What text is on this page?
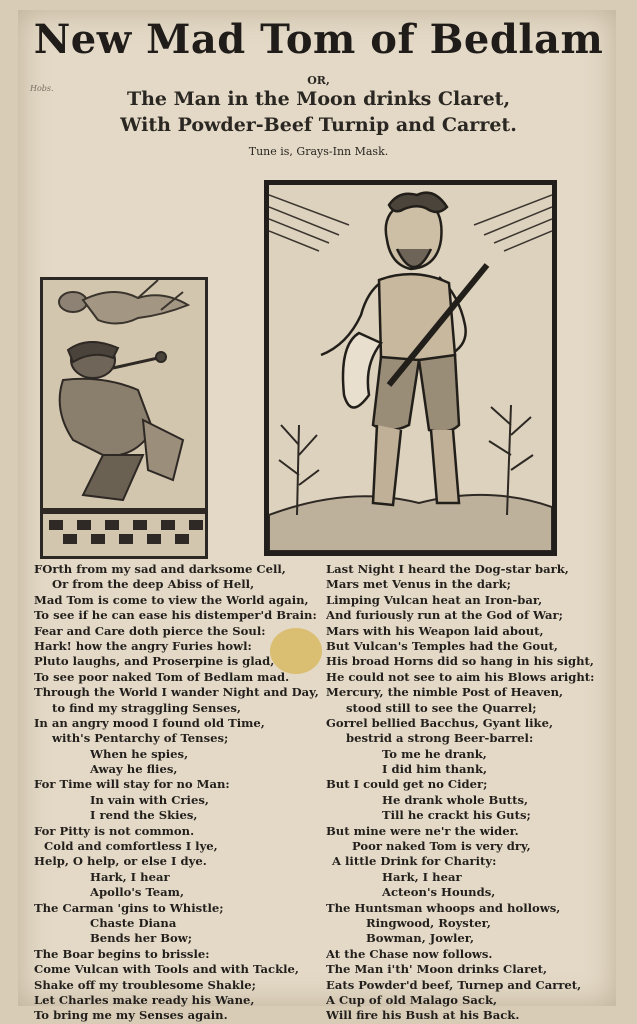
Hobs.
New Mad Tom of Bedlam
OR,
The Man in the Moon drinks Claret,
With Powder-Beef Turnip and Carret.
Tune is, Grays-Inn Mask.
FOrth from my sad and darksome Cell,
Or from the deep Abiss of Hell,
Mad Tom is come to view the World again,
To see if he can ease his distemper'd Brain:
Fear and Care doth pierce the Soul:
Hark! how the angry Furies howl:
Pluto laughs, and Proserpine is glad,
To see poor naked Tom of Bedlam mad.
Through the World I wander Night and Day,
to find my straggling Senses,
In an angry mood I found old Time,
with's Pentarchy of Tenses;
When he spies,
Away he flies,
For Time will stay for no Man:
In vain with Cries,
I rend the Skies,
For Pitty is not common.
Cold and comfortless I lye,
Help, O help, or else I dye.
Hark, I hear
Apollo's Team,
The Carman 'gins to Whistle;
Chaste Diana
Bends her Bow;
The Boar begins to brissle:
Come Vulcan with Tools and with Tackle,
Shake off my troublesome Shakle;
Let Charles make ready his Wane,
To bring me my Senses again.
Last Night I heard the Dog-star bark,
Mars met Venus in the dark;
Limping Vulcan heat an Iron-bar,
And furiously run at the God of War;
Mars with his Weapon laid about,
But Vulcan's Temples had the Gout,
His broad Horns did so hang in his sight,
He could not see to aim his Blows aright:
Mercury, the nimble Post of Heaven,
stood still to see the Quarrel;
Gorrel bellied Bacchus, Gyant like,
bestrid a strong Beer-barrel:
To me he drank,
I did him thank,
But I could get no Cider;
He drank whole Butts,
Till he crackt his Guts;
But mine were ne'r the wider.
Poor naked Tom is very dry,
A little Drink for Charity:
Hark, I hear
Acteon's Hounds,
The Huntsman whoops and hollows,
Ringwood, Royster,
Bowman, Jowler,
At the Chase now follows.
The Man i'th' Moon drinks Claret,
Eats Powder'd beef, Turnep and Carret,
A Cup of old Malago Sack,
Will fire his Bush at his Back.
